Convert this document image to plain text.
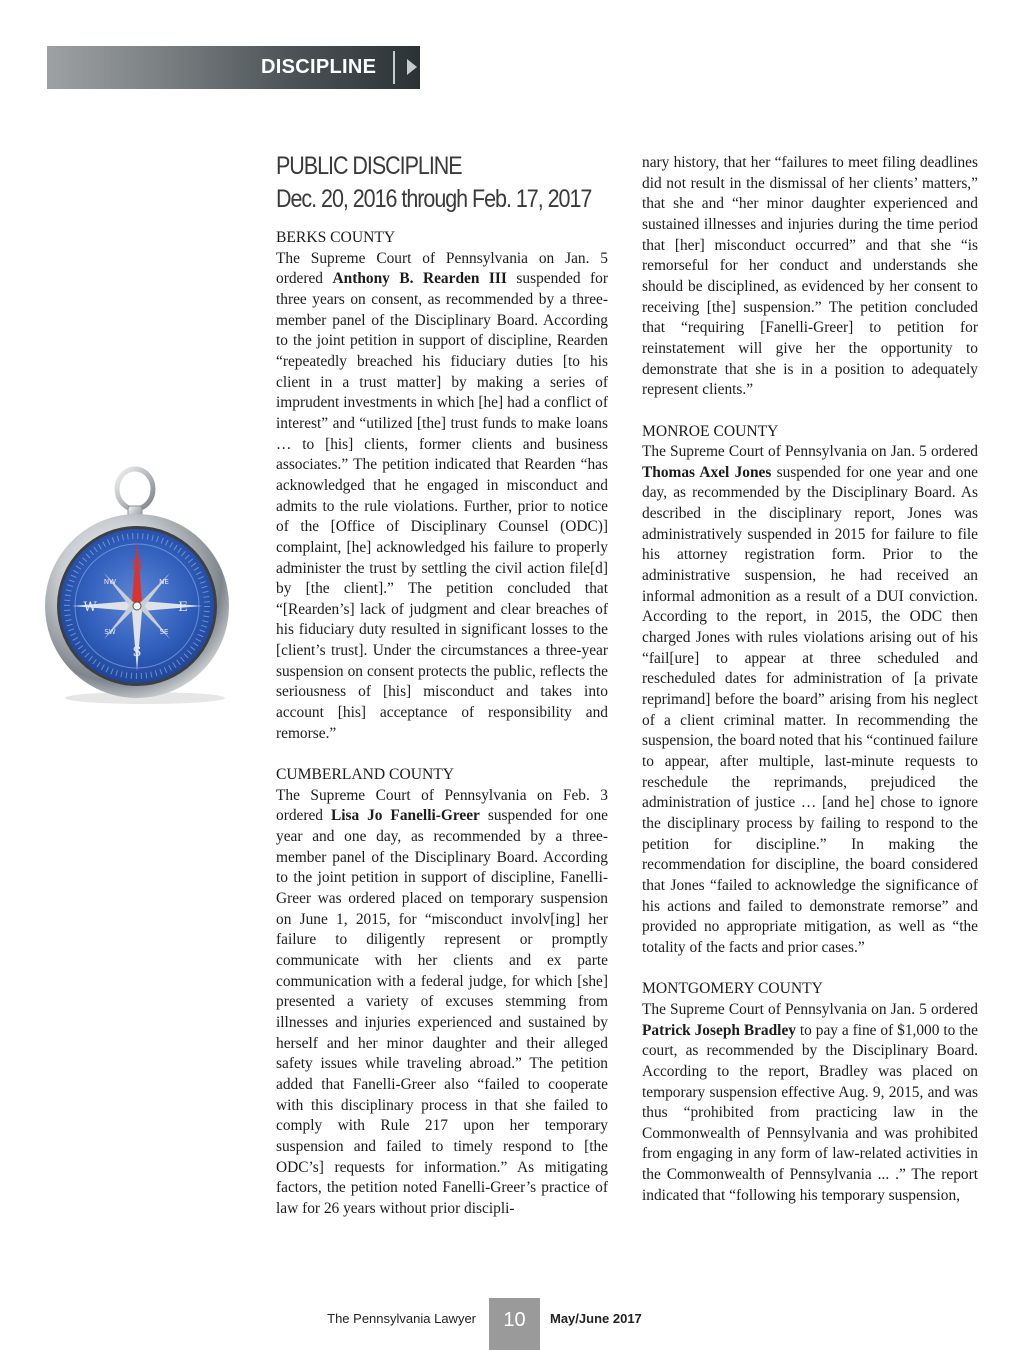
DISCIPLINE
N
S
E
W
NE
NW
SE
SW
PUBLIC DISCIPLINE
Dec. 20, 2016 through Feb. 17, 2017

BERKS COUNTY

The Supreme Court of Pennsylvania on Jan. 5 ordered Anthony B. Rearden III suspended for three years on consent, as recommended by a three-member panel of the Disciplinary Board. According to the joint petition in support of discipline, Rearden “repeatedly breached his fiduciary duties [to his client in a trust matter] by making a series of imprudent investments in which [he] had a conflict of interest” and “utilized [the] trust funds to make loans … to [his] clients, former clients and business associates.” The petition indicated that Rearden “has acknowledged that he engaged in misconduct and admits to the rule violations. Further, prior to notice of the [Office of Disciplinary Counsel (ODC)] complaint, [he] acknowledged his failure to properly administer the trust by settling the civil action file[d] by [the client].” The petition concluded that “[Rearden’s] lack of judgment and clear breaches of his fiduciary duty resulted in significant losses to the [client’s trust]. Under the circumstances a three-year suspension on consent protects the public, reflects the seriousness of [his] misconduct and takes into account [his] acceptance of responsibility and remorse.”

CUMBERLAND COUNTY

The Supreme Court of Pennsylvania on Feb. 3 ordered Lisa Jo Fanelli-Greer suspended for one year and one day, as recommended by a three-member panel of the Disciplinary Board. According to the joint petition in support of discipline, Fanelli-Greer was ordered placed on temporary suspension on June 1, 2015, for “misconduct involv[ing] her failure to diligently represent or promptly communicate with her clients and ex parte communication with a federal judge, for which [she] presented a variety of excuses stemming from illnesses and injuries experienced and sustained by herself and her minor daughter and their alleged safety issues while traveling abroad.” The petition added that Fanelli-Greer also “failed to cooperate with this disciplinary process in that she failed to comply with Rule 217 upon her temporary suspension and failed to timely respond to [the ODC’s] requests for information.” As mitigating factors, the petition noted Fanelli-Greer’s practice of law for 26 years without prior discipli-

nary history, that her “failures to meet filing deadlines did not result in the dismissal of her clients’ matters,” that she and “her minor daughter experienced and sustained illnesses and injuries during the time period that [her] misconduct occurred” and that she “is remorseful for her conduct and understands she should be disciplined, as evidenced by her consent to receiving [the] suspension.” The petition concluded that “requiring [Fanelli-Greer] to petition for reinstatement will give her the opportunity to demonstrate that she is in a position to adequately represent clients.”

MONROE COUNTY

The Supreme Court of Pennsylvania on Jan. 5 ordered Thomas Axel Jones suspended for one year and one day, as recommended by the Disciplinary Board. As described in the disciplinary report, Jones was administratively suspended in 2015 for failure to file his attorney registration form. Prior to the administrative suspension, he had received an informal admonition as a result of a DUI conviction. According to the report, in 2015, the ODC then charged Jones with rules violations arising out of his “fail[ure] to appear at three scheduled and rescheduled dates for administration of [a private reprimand] before the board” arising from his neglect of a client criminal matter. In recommending the suspension, the board noted that his “continued failure to appear, after multiple, last-minute requests to reschedule the reprimands, prejudiced the administration of justice … [and he] chose to ignore the disciplinary process by failing to respond to the petition for discipline.” In making the recommendation for discipline, the board considered that Jones “failed to acknowledge the significance of his actions and failed to demonstrate remorse” and provided no appropriate mitigation, as well as “the totality of the facts and prior cases.”

MONTGOMERY COUNTY

The Supreme Court of Pennsylvania on Jan. 5 ordered Patrick Joseph Bradley to pay a fine of $1,000 to the court, as recommended by the Disciplinary Board. According to the report, Bradley was placed on temporary suspension effective Aug. 9, 2015, and was thus “prohibited from practicing law in the Commonwealth of Pennsylvania and was prohibited from engaging in any form of law-related activities in the Commonwealth of Pennsylvania ... .” The report indicated that “following his temporary suspension,

The Pennsylvania Lawyer	10	May/June 2017
